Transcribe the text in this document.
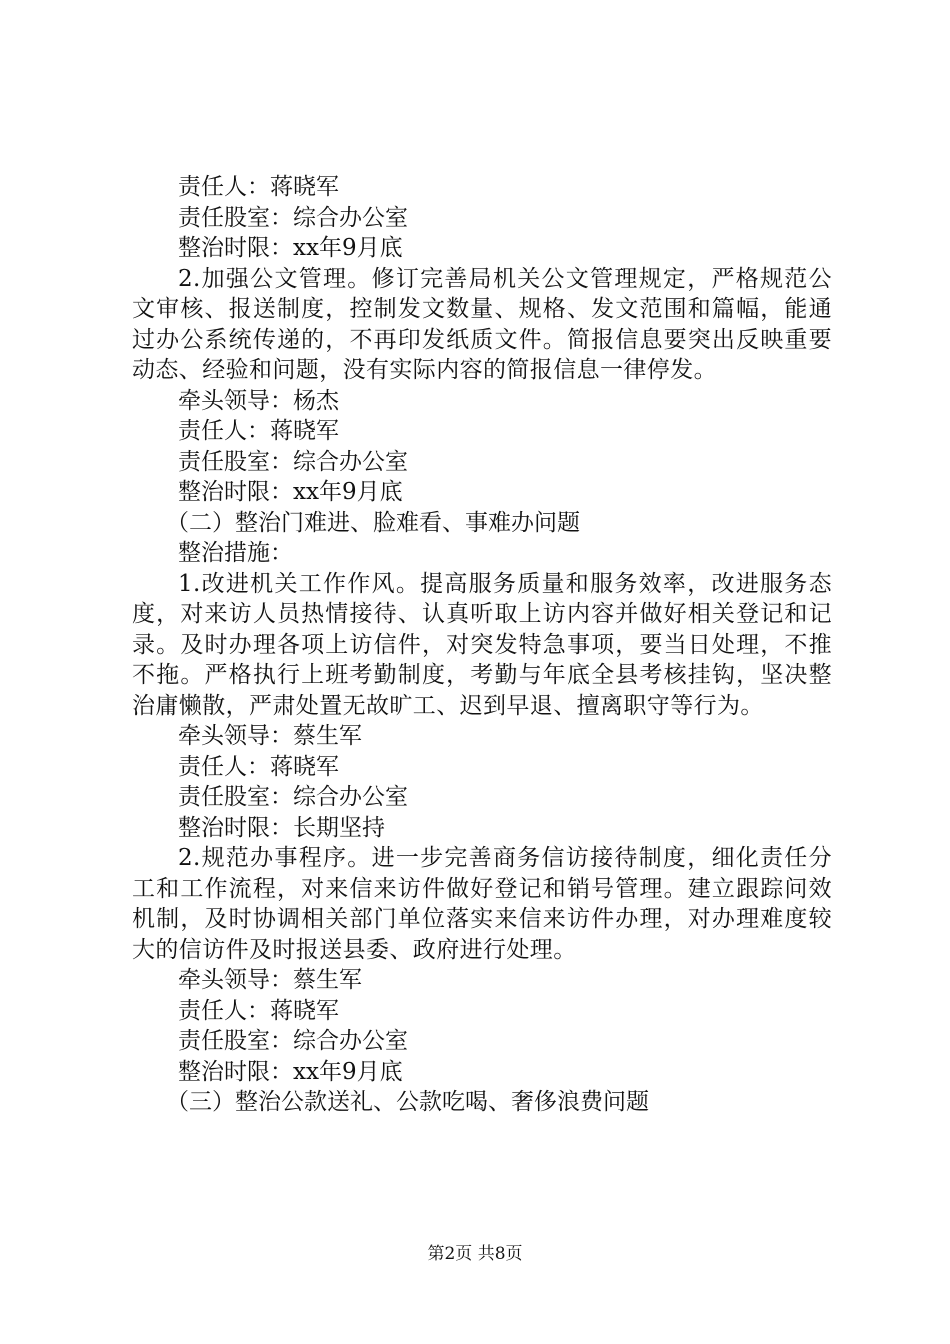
责任人：蒋晓军
责任股室：综合办公室
整治时限：xx年9月底
2.加强公文管理。修订完善局机关公文管理规定，严格规范公文审核、报送制度，控制发文数量、规格、发文范围和篇幅，能通过办公系统传递的，不再印发纸质文件。简报信息要突出反映重要动态、经验和问题，没有实际内容的简报信息一律停发。
牵头领导：杨杰
责任人：蒋晓军
责任股室：综合办公室
整治时限：xx年9月底
（二）整治门难进、脸难看、事难办问题
整治措施：
1.改进机关工作作风。提高服务质量和服务效率，改进服务态度，对来访人员热情接待、认真听取上访内容并做好相关登记和记录。及时办理各项上访信件，对突发特急事项，要当日处理，不推不拖。严格执行上班考勤制度，考勤与年底全县考核挂钩，坚决整治庸懒散，严肃处置无故旷工、迟到早退、擅离职守等行为。
牵头领导：蔡生军
责任人：蒋晓军
责任股室：综合办公室
整治时限：长期坚持
2.规范办事程序。进一步完善商务信访接待制度，细化责任分工和工作流程，对来信来访件做好登记和销号管理。建立跟踪问效机制，及时协调相关部门单位落实来信来访件办理，对办理难度较大的信访件及时报送县委、政府进行处理。
牵头领导：蔡生军
责任人：蒋晓军
责任股室：综合办公室
整治时限：xx年9月底
（三）整治公款送礼、公款吃喝、奢侈浪费问题
第2页 共8页
